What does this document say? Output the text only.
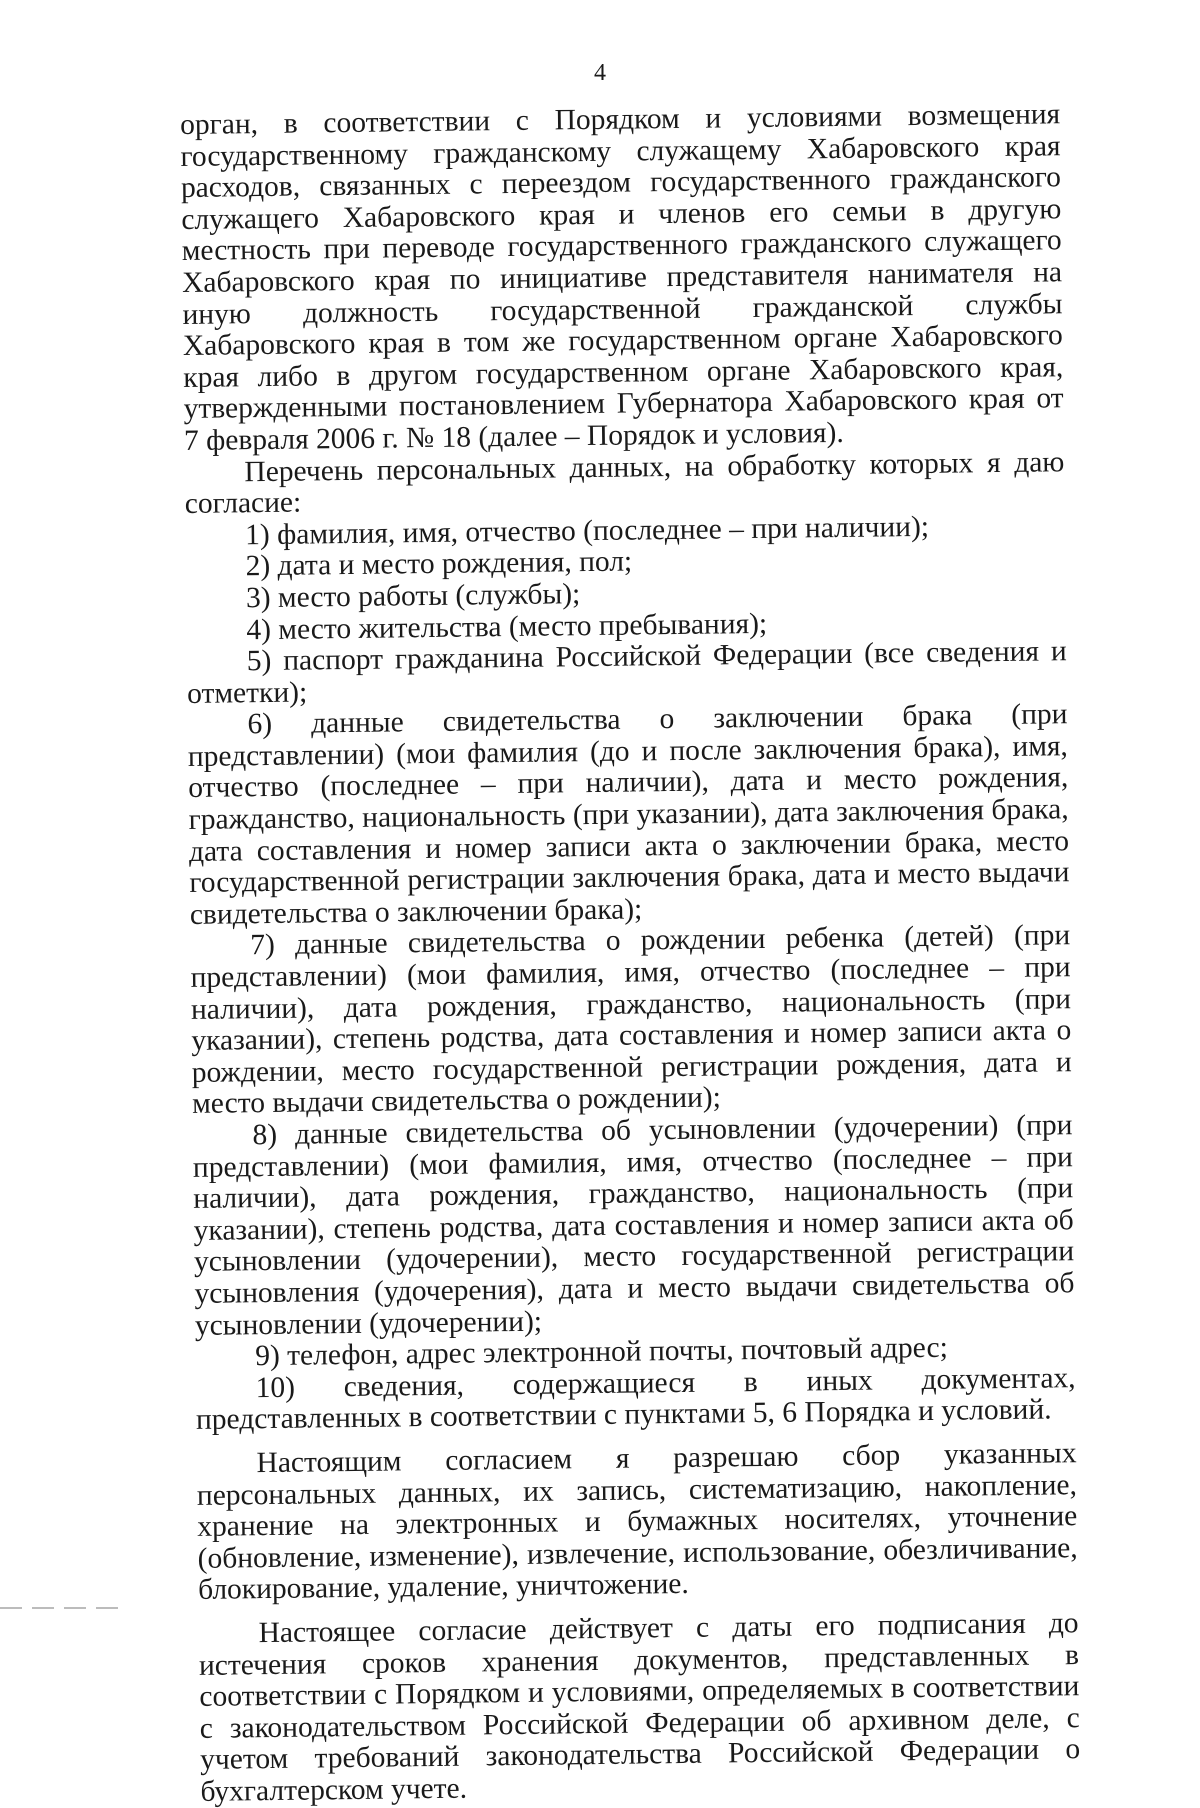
4

орган, в соответствии с Порядком и условиями возмещения государственному гражданскому служащему Хабаровского края расходов, связанных с переездом государственного гражданского служащего Хабаровского края и членов его семьи в другую местность при переводе государственного гражданского служащего Хабаровского края по инициативе представителя нанимателя на иную должность государственной гражданской службы Хабаровского края в том же государственном органе Хабаровского края либо в другом государственном органе Хабаровского края, утвержденными постановлением Губернатора Хабаровского края от 7 февраля 2006 г. № 18 (далее – Порядок и условия).

Перечень персональных данных, на обработку которых я даю согласие:

1) фамилия, имя, отчество (последнее – при наличии);

2) дата и место рождения, пол;

3) место работы (службы);

4) место жительства (место пребывания);

5) паспорт гражданина Российской Федерации (все сведения и отметки);

6) данные свидетельства о заключении брака (при представлении) (мои фамилия (до и после заключения брака), имя, отчество (последнее – при наличии), дата и место рождения, гражданство, национальность (при указании), дата заключения брака, дата составления и номер записи акта о заключении брака, место государственной регистрации заключения брака, дата и место выдачи свидетельства о заключении брака);

7) данные свидетельства о рождении ребенка (детей) (при представлении) (мои фамилия, имя, отчество (последнее – при наличии), дата рождения, гражданство, национальность (при указании), степень родства, дата составления и номер записи акта о рождении, место государственной регистрации рождения, дата и место выдачи свидетельства о рождении);

8) данные свидетельства об усыновлении (удочерении) (при представлении) (мои фамилия, имя, отчество (последнее – при наличии), дата рождения, гражданство, национальность (при указании), степень родства, дата составления и номер записи акта об усыновлении (удочерении), место государственной регистрации усыновления (удочерения), дата и место выдачи свидетельства об усыновлении (удочерении);

9) телефон, адрес электронной почты, почтовый адрес;

10) сведения, содержащиеся в иных документах, представленных в соответствии с пунктами 5, 6 Порядка и условий.

Настоящим согласием я разрешаю сбор указанных персональных данных, их запись, систематизацию, накопление, хранение на электронных и бумажных носителях, уточнение (обновление, изменение), извлечение, использование, обезличивание, блокирование, удаление, уничтожение.

Настоящее согласие действует с даты его подписания до истечения сроков хранения документов, представленных в соответствии с Порядком и условиями, определяемых в соответствии с законодательством Российской Федерации об архивном деле, с учетом требований законодательства Российской Федерации о бухгалтерском учете.
